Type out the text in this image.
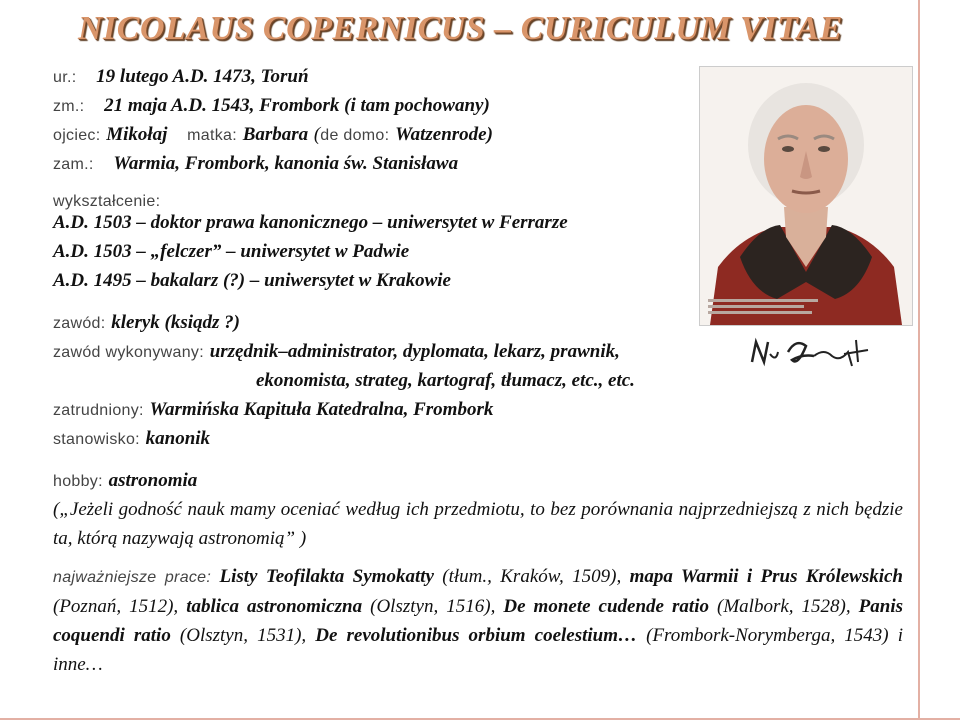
NICOLAUS COPERNICUS – CURICULUM VITAE
ur.: 19 lutego A.D. 1473, Toruń
zm.: 21 maja A.D. 1543, Frombork (i tam pochowany)
ojciec: Mikołaj matka: Barbara (de domo: Watzenrode)
zam.: Warmia, Frombork, kanonia św. Stanisława
wykształcenie:
A.D. 1503 – doktor prawa kanonicznego – uniwersytet w Ferrarze
A.D. 1503 – „felczer” – uniwersytet w Padwie
A.D. 1495 – bakalarz (?) – uniwersytet w Krakowie
zawód: kleryk (ksiądz ?)
zawód wykonywany: urzędnik–administrator, dyplomata, lekarz, prawnik,
ekonomista, strateg, kartograf, tłumacz, etc., etc.
zatrudniony: Warmińska Kapituła Katedralna, Frombork
stanowisko: kanonik
hobby: astronomia
(„Jeżeli godność nauk mamy oceniać według ich przedmiotu, to bez porównania najprzedniejszą z nich będzie ta, którą nazywają astronomią” )
najważniejsze prace: Listy Teofilakta Symokatty (tłum., Kraków, 1509), mapa Warmii i Prus Królewskich (Poznań, 1512), tablica astronomiczna (Olsztyn, 1516), De monete cudende ratio (Malbork, 1528), Panis coquendi ratio (Olsztyn, 1531), De revolutionibus orbium coelestium… (Frombork-Norymberga, 1543) i inne…
